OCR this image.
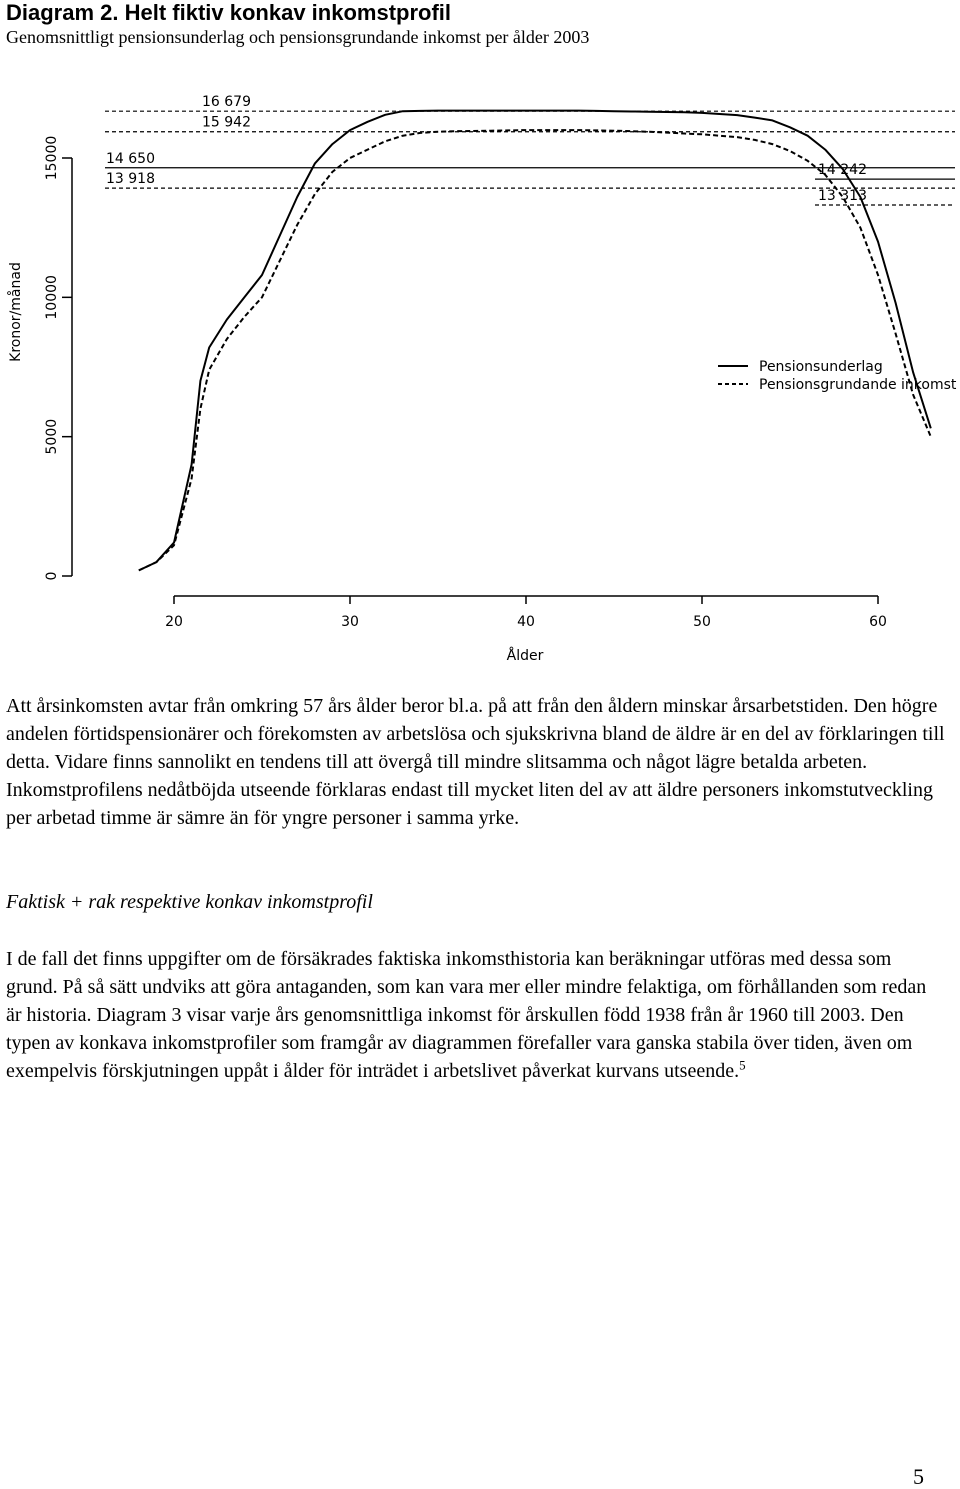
Diagram 2. Helt fiktiv konkav inkomstprofil
Genomsnittligt pensionsunderlag och pensionsgrundande inkomst per ålder 2003
20	30	40	50	60
Ålder
0
5000
10000
15000
Kronor/månad
16 679
15 942
14 650
13 918
14 242
13 313
Pensionsunderlag
Pensionsgrundande inkomst
Att årsinkomsten avtar från omkring 57 års ålder beror bl.a. på att från den åldern minskar årsarbetstiden. Den högre andelen förtidspensionärer och förekomsten av arbetslösa och sjukskrivna bland de äldre är en del av förklaringen till detta. Vidare finns sannolikt en tendens till att övergå till mindre slitsamma och något lägre betalda arbeten. Inkomstprofilens nedåtböjda utseende förklaras endast till mycket liten del av att äldre personers inkomstutveckling per arbetad timme är sämre än för yngre personer i samma yrke.
Faktisk + rak respektive konkav inkomstprofil
I de fall det finns uppgifter om de försäkrades faktiska inkomsthistoria kan beräkningar utföras med dessa som grund. På så sätt undviks att göra antaganden, som kan vara mer eller mindre felaktiga, om förhållanden som redan är historia. Diagram 3 visar varje års genomsnittliga inkomst för årskullen född 1938 från år 1960 till 2003. Den typen av konkava inkomstprofiler som framgår av diagrammen förefaller vara ganska stabila över tiden, även om exempelvis förskjutningen uppåt i ålder för inträdet i arbetslivet påverkat kurvans utseende.$^5$
5
